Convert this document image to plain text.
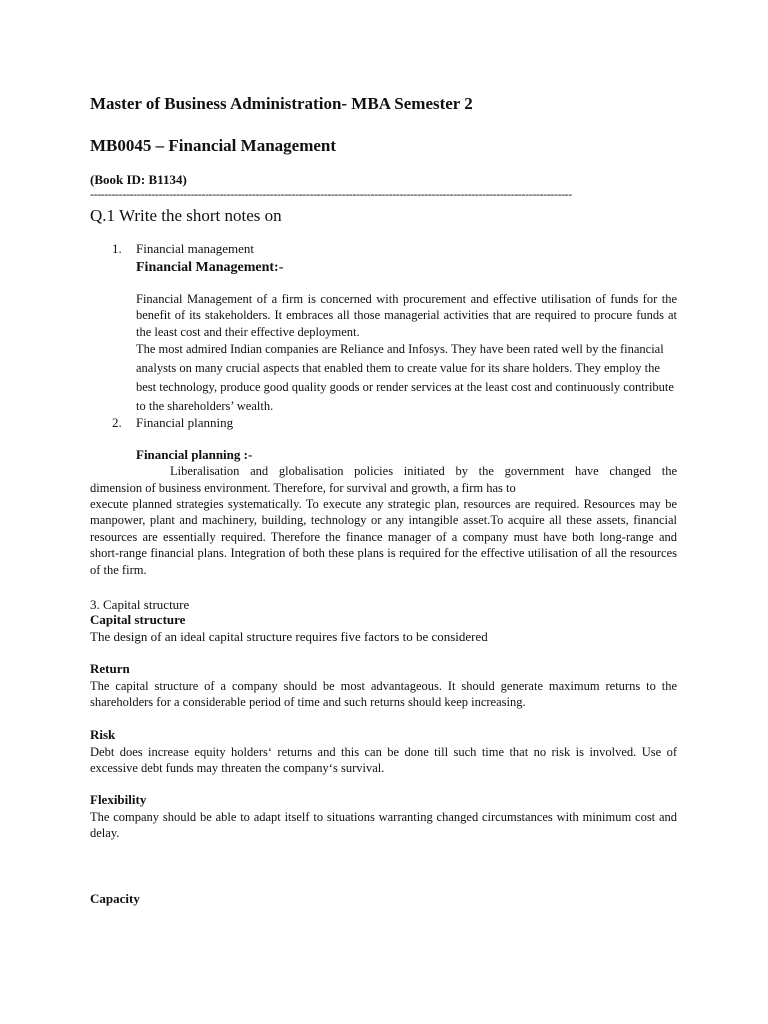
Master of Business Administration- MBA Semester 2
MB0045 – Financial Management
(Book ID: B1134)
--------------------------------------------------------------------------------------------------------------------------------------
Q.1 Write the short notes on
1. Financial management
Financial Management:-
Financial Management of a firm is concerned with procurement and effective utilisation of funds for the benefit of its stakeholders. It embraces all those managerial activities that are required to procure funds at the least cost and their effective deployment.
The most admired Indian companies are Reliance and Infosys. They have been rated well by the financial analysts on many crucial aspects that enabled them to create value for its share holders. They employ the best technology, produce good quality goods or render services at the least cost and continuously contribute to the shareholders’ wealth.
2. Financial planning
Financial planning :-
Liberalisation and globalisation policies initiated by the government have changed the
dimension of business environment. Therefore, for survival and growth, a firm has to
execute planned strategies systematically. To execute any strategic plan, resources are required. Resources may be manpower, plant and machinery, building, technology or any intangible asset.To acquire all these assets, financial resources are essentially required. Therefore the finance manager of a company must have both long-range and short-range financial plans. Integration of both these plans is required for the effective utilisation of all the resources of the firm.
3. Capital structure
Capital structure
The design of an ideal capital structure requires five factors to be considered
Return
The capital structure of a company should be most advantageous. It should generate maximum returns to the shareholders for a considerable period of time and such returns should keep increasing.
Risk
Debt does increase equity holders‘ returns and this can be done till such time that no risk is involved. Use of excessive debt funds may threaten the company‘s survival.
Flexibility
The company should be able to adapt itself to situations warranting changed circumstances with minimum cost and delay.
Capacity
